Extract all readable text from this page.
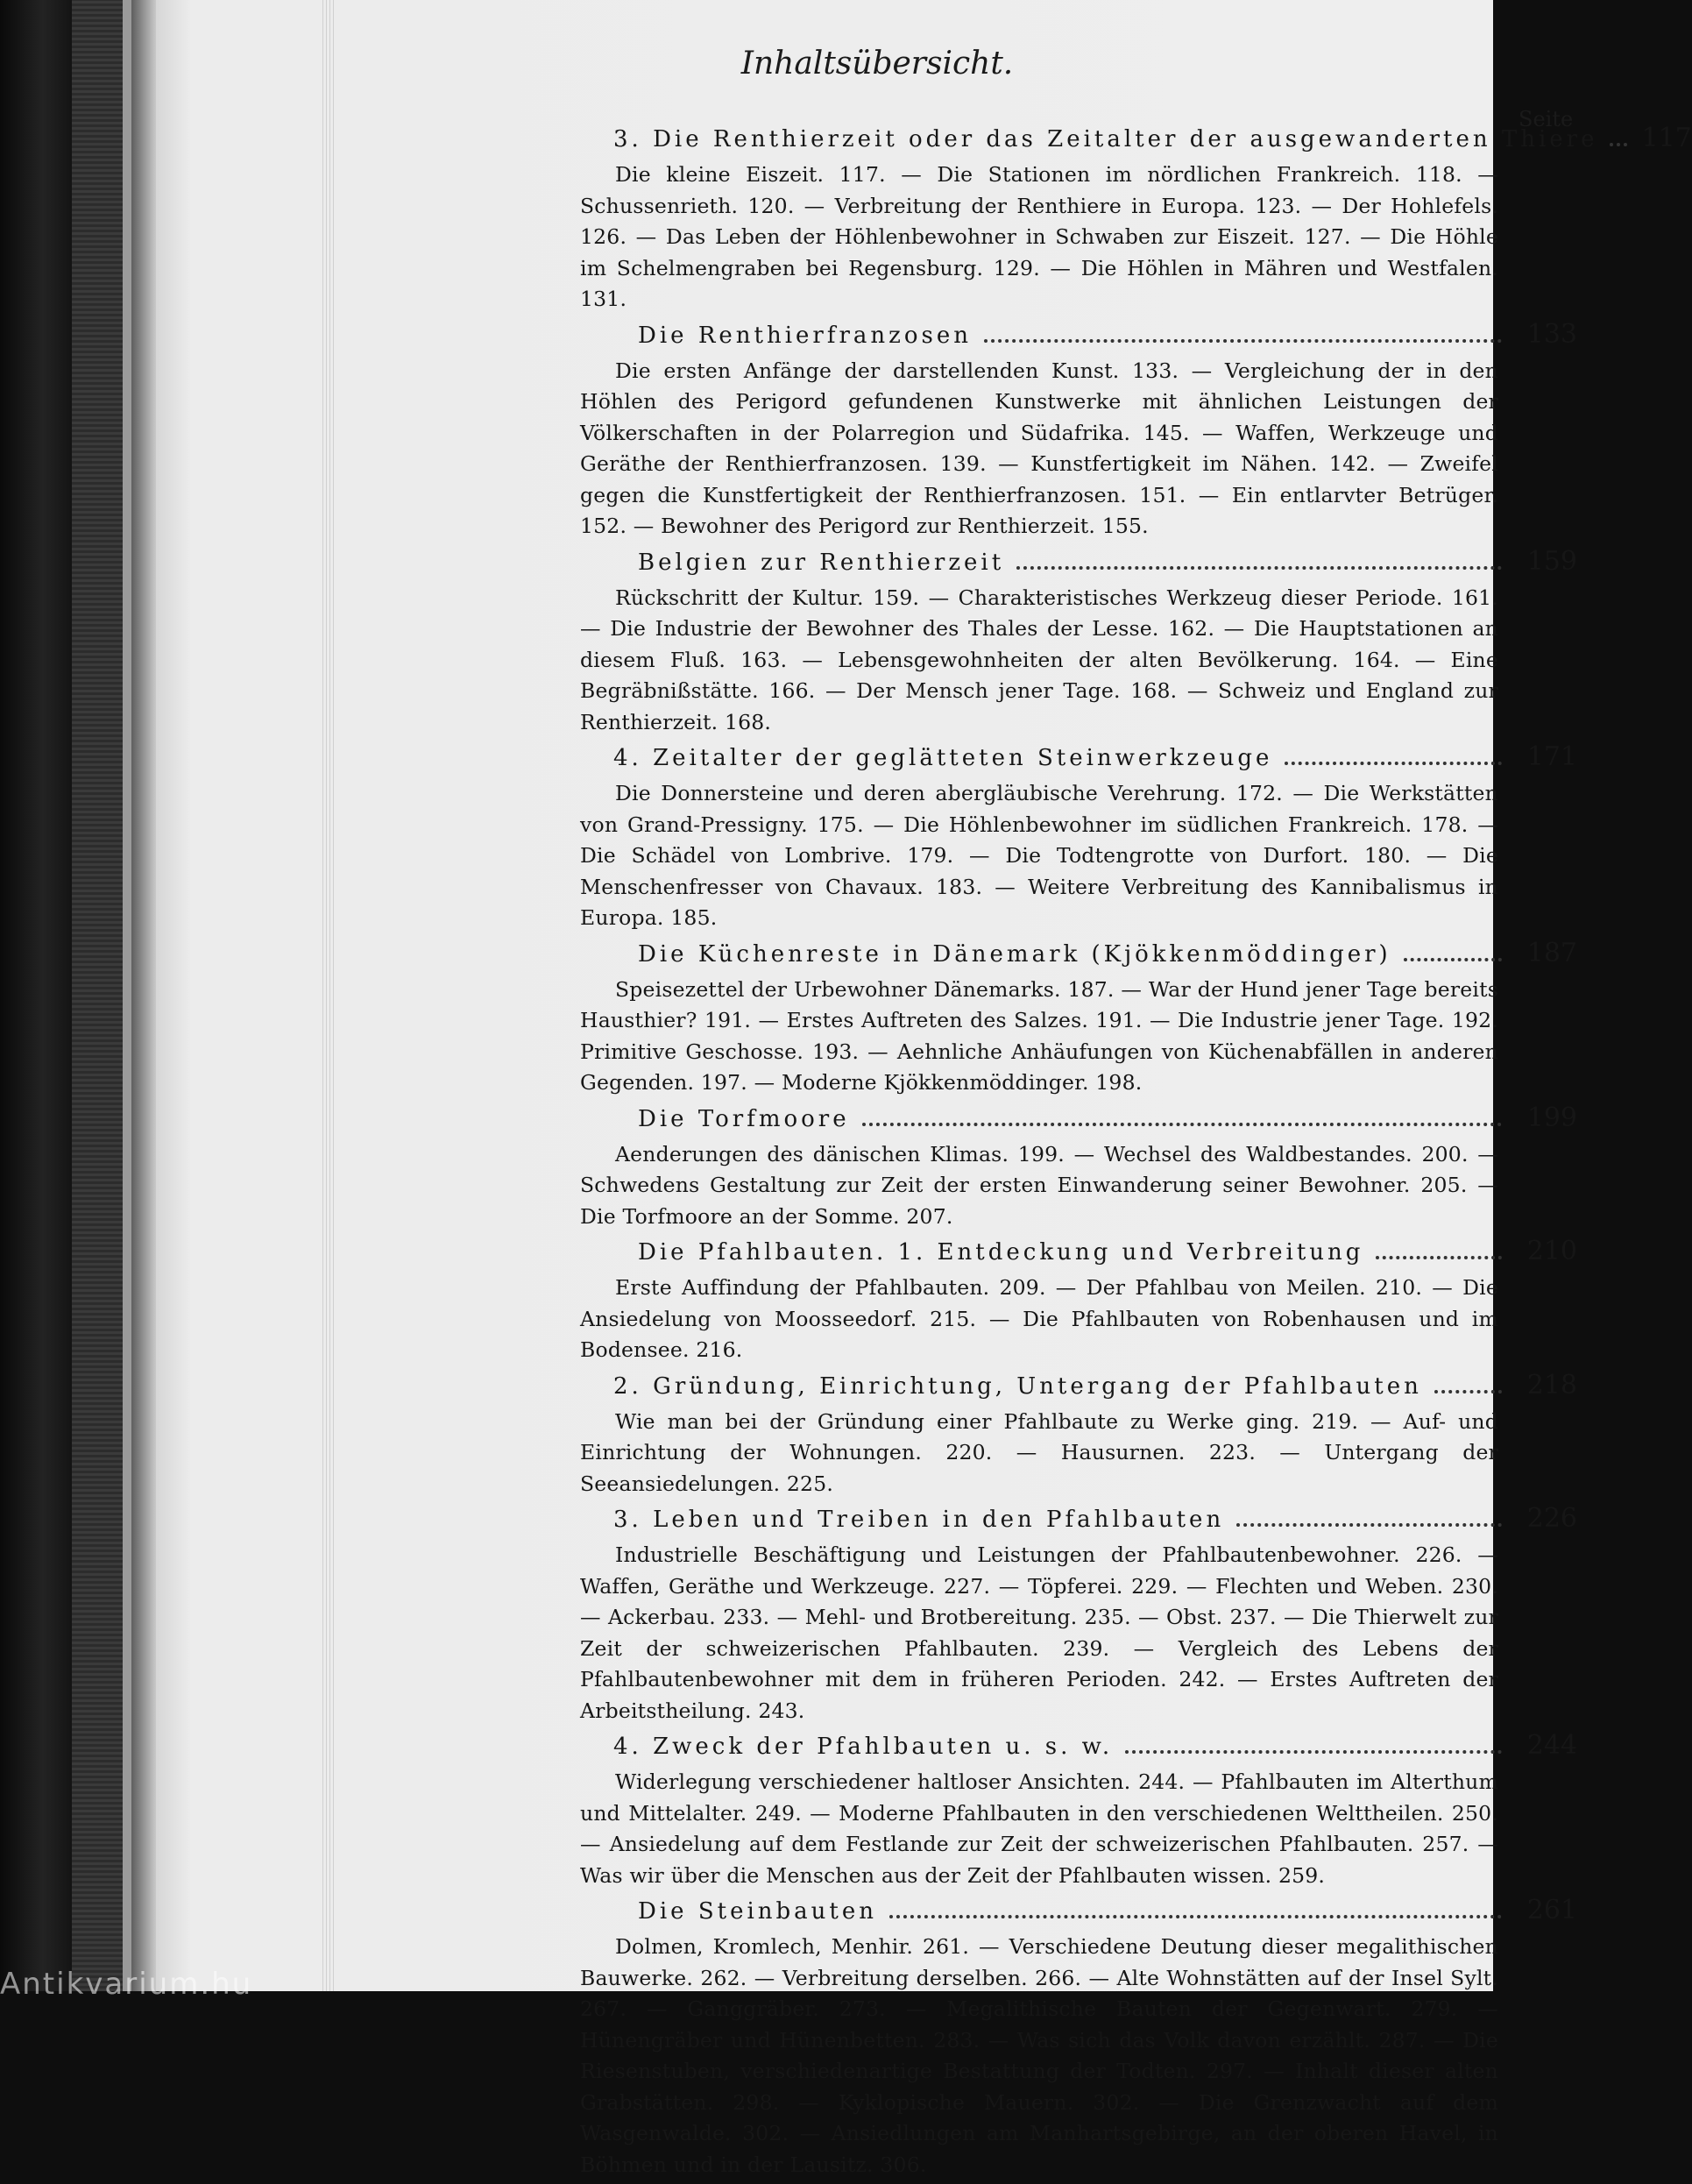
Inhaltsübersicht.
Seite
3. Die Renthierzeit oder das Zeitalter der ausgewanderten Thiere 117
Die kleine Eiszeit. 117. — Die Stationen im nördlichen Frankreich. 118. — Schussenrieth. 120. — Verbreitung der Renthiere in Europa. 123. — Der Hohlefels. 126. — Das Leben der Höhlenbewohner in Schwaben zur Eiszeit. 127. — Die Höhle im Schelmengraben bei Regensburg. 129. — Die Höhlen in Mähren und Westfalen. 131.
Die Renthierfranzosen	133
Die ersten Anfänge der darstellenden Kunst. 133. — Vergleichung der in den Höhlen des Perigord gefundenen Kunstwerke mit ähnlichen Leistungen der Völkerschaften in der Polarregion und Südafrika. 145. — Waffen, Werkzeuge und Geräthe der Renthierfranzosen. 139. — Kunstfertigkeit im Nähen. 142. — Zweifel gegen die Kunstfertigkeit der Renthierfranzosen. 151. — Ein entlarvter Betrüger. 152. — Bewohner des Perigord zur Renthierzeit. 155.
Belgien zur Renthierzeit	159
Rückschritt der Kultur. 159. — Charakteristisches Werkzeug dieser Periode. 161. — Die Industrie der Bewohner des Thales der Lesse. 162. — Die Hauptstationen an diesem Fluß. 163. — Lebensgewohnheiten der alten Bevölkerung. 164. — Eine Begräbnißstätte. 166. — Der Mensch jener Tage. 168. — Schweiz und England zur Renthierzeit. 168.
4. Zeitalter der geglätteten Steinwerkzeuge	171
Die Donnersteine und deren abergläubische Verehrung. 172. — Die Werkstätten von Grand-Pressigny. 175. — Die Höhlenbewohner im südlichen Frankreich. 178. — Die Schädel von Lombrive. 179. — Die Todtengrotte von Durfort. 180. — Die Menschenfresser von Chavaux. 183. — Weitere Verbreitung des Kannibalismus in Europa. 185.
Die Küchenreste in Dänemark (Kjökkenmöddinger)	187
Speisezettel der Urbewohner Dänemarks. 187. — War der Hund jener Tage bereits Hausthier? 191. — Erstes Auftreten des Salzes. 191. — Die Industrie jener Tage. 192. Primitive Geschosse. 193. — Aehnliche Anhäufungen von Küchenabfällen in anderen Gegenden. 197. — Moderne Kjökkenmöddinger. 198.
Die Torfmoore	199
Aenderungen des dänischen Klimas. 199. — Wechsel des Waldbestandes. 200. — Schwedens Gestaltung zur Zeit der ersten Einwanderung seiner Bewohner. 205. — Die Torfmoore an der Somme. 207.
Die Pfahlbauten. 1. Entdeckung und Verbreitung	210
Erste Auffindung der Pfahlbauten. 209. — Der Pfahlbau von Meilen. 210. — Die Ansiedelung von Moosseedorf. 215. — Die Pfahlbauten von Robenhausen und im Bodensee. 216.
2. Gründung, Einrichtung, Untergang der Pfahlbauten	218
Wie man bei der Gründung einer Pfahlbaute zu Werke ging. 219. — Auf- und Einrichtung der Wohnungen. 220. — Hausurnen. 223. — Untergang der Seeansiedelungen. 225.
3. Leben und Treiben in den Pfahlbauten	226
Industrielle Beschäftigung und Leistungen der Pfahlbautenbewohner. 226. — Waffen, Geräthe und Werkzeuge. 227. — Töpferei. 229. — Flechten und Weben. 230. — Ackerbau. 233. — Mehl- und Brotbereitung. 235. — Obst. 237. — Die Thierwelt zur Zeit der schweizerischen Pfahlbauten. 239. — Vergleich des Lebens der Pfahlbautenbewohner mit dem in früheren Perioden. 242. — Erstes Auftreten der Arbeitstheilung. 243.
4. Zweck der Pfahlbauten u. s. w.	244
Widerlegung verschiedener haltloser Ansichten. 244. — Pfahlbauten im Alterthum und Mittelalter. 249. — Moderne Pfahlbauten in den verschiedenen Welttheilen. 250. — Ansiedelung auf dem Festlande zur Zeit der schweizerischen Pfahlbauten. 257. — Was wir über die Menschen aus der Zeit der Pfahlbauten wissen. 259.
Die Steinbauten	261
Dolmen, Kromlech, Menhir. 261. — Verschiedene Deutung dieser megalithischen Bauwerke. 262. — Verbreitung derselben. 266. — Alte Wohnstätten auf der Insel Sylt. 267. — Ganggräber. 273. — Megalithische Bauten der Gegenwart. 279. — Hünengräber und Hünenbetten. 283. — Was sich das Volk davon erzählt. 287. — Die Riesenstuben, verschiedenartige Bestattung der Todten. 297. — Inhalt dieser alten Grabstätten. 298. — Kyklopische Mauern. 302. — Die Grenzwacht auf dem Wasgenwalde. 302. — Ansiedlungen am Manhartsgebirge, an der oberen Havel, in Böhmen und in der Lausitz. 306.
Antikvarium.hu
